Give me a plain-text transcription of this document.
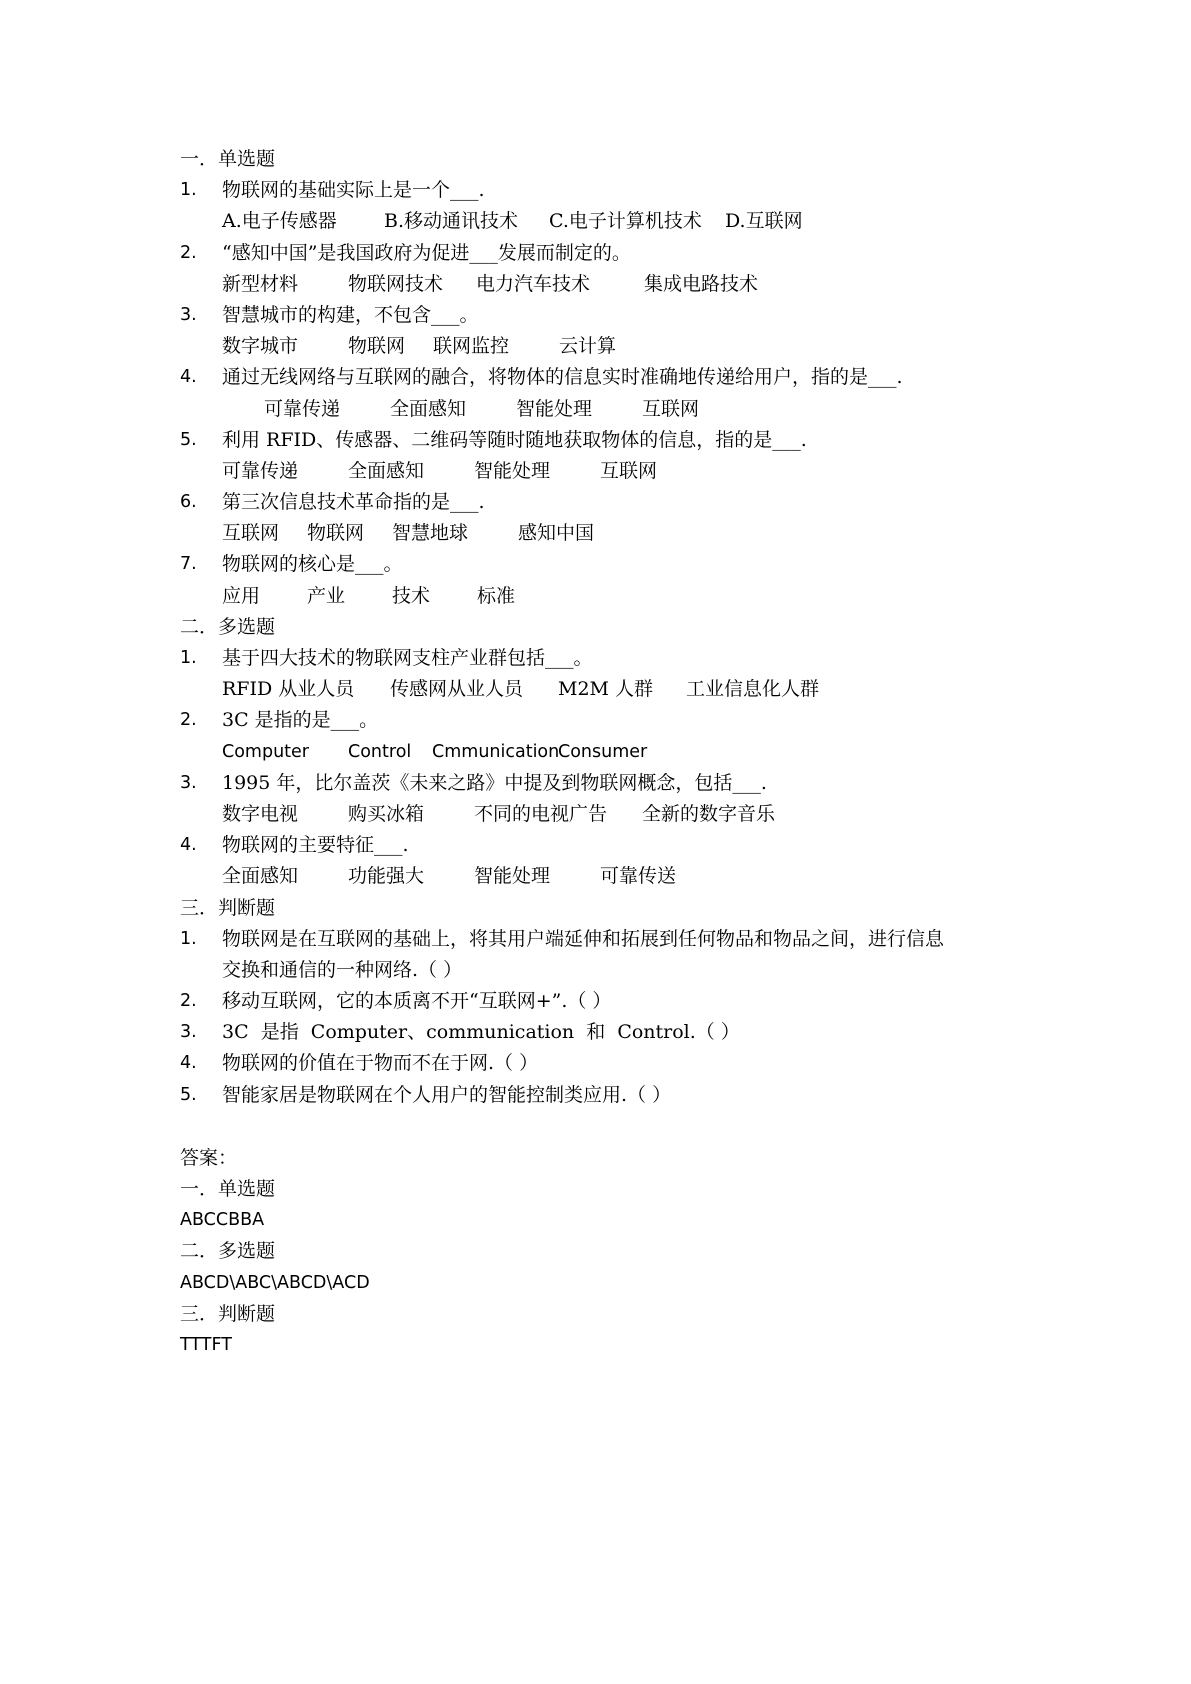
一．单选题
1.	物联网的基础实际上是一个___.
A.电子传感器 B.移动通讯技术 C.电子计算机技术 D.互联网
2.	“感知中国”是我国政府为促进___发展而制定的。
新型材料	物联网技术 电力汽车技术	集成电路技术
3.	智慧城市的构建，不包含___。
数字城市	物联网 联网监控	云计算
4.	通过无线网络与互联网的融合，将物体的信息实时准确地传递给用户，指的是___.
可靠传递	全面感知	智能处理	互联网
5.	利用 RFID、传感器、二维码等随时随地获取物体的信息，指的是___.
可靠传递	全面感知	智能处理	互联网
6.	第三次信息技术革命指的是___.
互联网 物联网 智慧地球	感知中国
7.	物联网的核心是___。
应用 产业 技术 标准
二．多选题
1.	基于四大技术的物联网支柱产业群包括___。
RFID 从业人员 传感网从业人员 M2M 人群 工业信息化人群
2.	3C 是指的是___。
Computer Control CmmunicationConsumer
3.	1995 年，比尔盖茨《未来之路》中提及到物联网概念，包括___.
数字电视	购买冰箱	不同的电视广告 全新的数字音乐
4.	物联网的主要特征___.
全面感知	功能强大	智能处理	可靠传送
三．判断题
1.	物联网是在互联网的基础上，将其用户端延伸和拓展到任何物品和物品之间，进行信息
交换和通信的一种网络.（ ）
2.	移动互联网，它的本质离不开“互联网+”.（ ）
3.	3C  是指  Computer、communication  和  Control.（ ）
4.	物联网的价值在于物而不在于网.（ ）
5.	智能家居是物联网在个人用户的智能控制类应用.（ ）
答案：
一．单选题
ABCCBBA
二．多选题
ABCD\ABC\ABCD\ACD
三．判断题
TTTFT
